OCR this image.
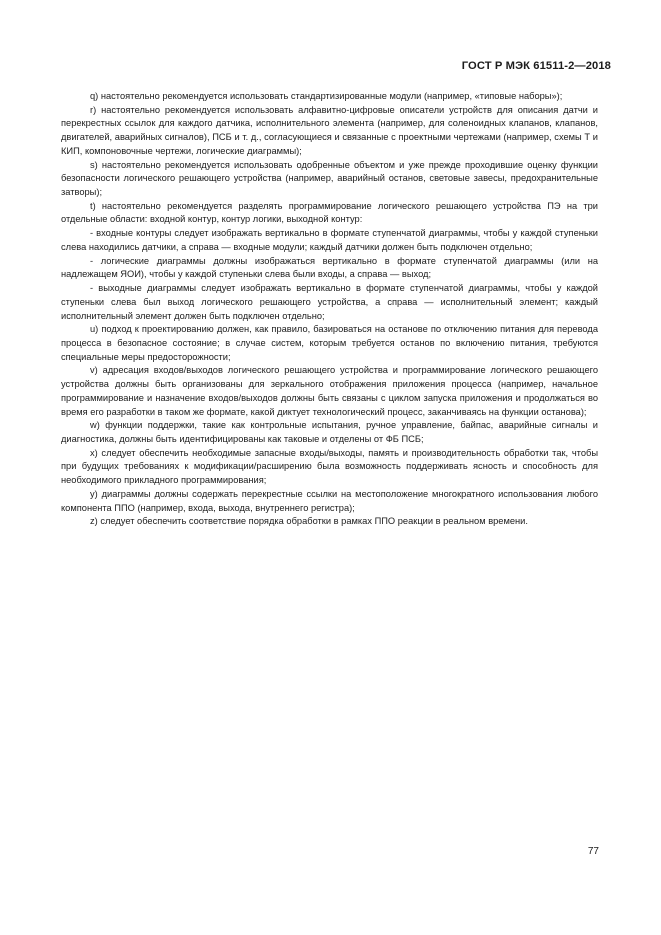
ГОСТ Р МЭК 61511-2—2018

q) настоятельно рекомендуется использовать стандартизированные модули (например, «типовые наборы»);

r) настоятельно рекомендуется использовать алфавитно-цифровые описатели устройств для описания датчи и перекрестных ссылок для каждого датчика, исполнительного элемента (например, для соленоидных клапанов, клапанов, двигателей, аварийных сигналов), ПСБ и т. д., согласующиеся и связанные с проектными чертежами (например, схемы Т и КИП, компоновочные чертежи, логические диаграммы);

s) настоятельно рекомендуется использовать одобренные объектом и уже прежде проходившие оценку функции безопасности логического решающего устройства (например, аварийный останов, световые завесы, предохранительные затворы);

t) настоятельно рекомендуется разделять программирование логического решающего устройства ПЭ на три отдельные области: входной контур, контур логики, выходной контур:

- входные контуры следует изображать вертикально в формате ступенчатой диаграммы, чтобы у каждой ступеньки слева находились датчики, а справа — входные модули; каждый датчики должен быть подключен отдельно;

- логические диаграммы должны изображаться вертикально в формате ступенчатой диаграммы (или на надлежащем ЯОИ), чтобы у каждой ступеньки слева были входы, а справа — выход;

- выходные диаграммы следует изображать вертикально в формате ступенчатой диаграммы, чтобы у каждой ступеньки слева был выход логического решающего устройства, а справа — исполнительный элемент; каждый исполнительный элемент должен быть подключен отдельно;

u) подход к проектированию должен, как правило, базироваться на останове по отключению питания для перевода процесса в безопасное состояние; в случае систем, которым требуется останов по включению питания, требуются специальные меры предосторожности;

v) адресация входов/выходов логического решающего устройства и программирование логического решающего устройства должны быть организованы для зеркального отображения приложения процесса (например, начальное программирование и назначение входов/выходов должны быть связаны с циклом запуска приложения и продолжаться во время его разработки в таком же формате, какой диктует технологический процесс, заканчиваясь на функции останова);

w) функции поддержки, такие как контрольные испытания, ручное управление, байпас, аварийные сигналы и диагностика, должны быть идентифицированы как таковые и отделены от ФБ ПСБ;

x) следует обеспечить необходимые запасные входы/выходы, память и производительность обработки так, чтобы при будущих требованиях к модификации/расширению была возможность поддерживать ясность и способность для необходимого прикладного программирования;

y) диаграммы должны содержать перекрестные ссылки на местоположение многократного использования любого компонента ППО (например, входа, выхода, внутреннего регистра);

z) следует обеспечить соответствие порядка обработки в рамках ППО реакции в реальном времени.

77
